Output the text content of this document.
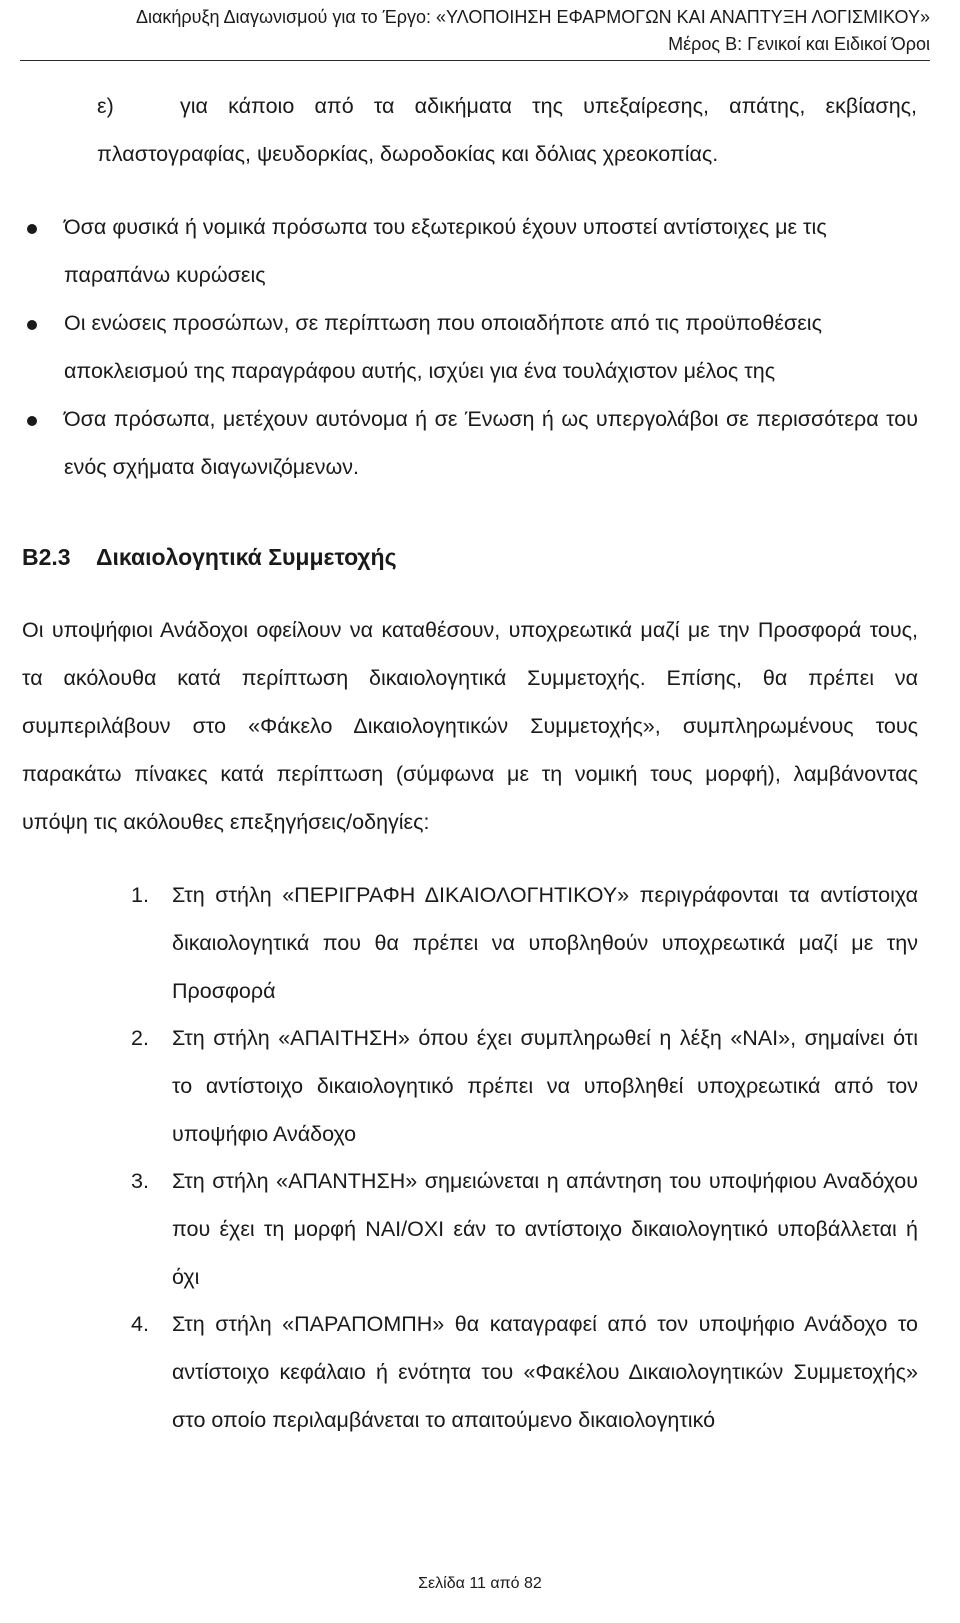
Διακήρυξη Διαγωνισμού για το Έργο: «ΥΛΟΠΟΙΗΣΗ ΕΦΑΡΜΟΓΩΝ ΚΑΙ ΑΝΑΠΤΥΞΗ ΛΟΓΙΣΜΙΚΟΥ»
Μέρος Β: Γενικοί και Ειδικοί Όροι
ε)	για κάποιο από τα αδικήματα της υπεξαίρεσης, απάτης, εκβίασης, πλαστογραφίας, ψευδορκίας, δωροδοκίας και δόλιας χρεοκοπίας.
Όσα φυσικά ή νομικά πρόσωπα του εξωτερικού έχουν υποστεί αντίστοιχες με τις παραπάνω κυρώσεις
Οι ενώσεις προσώπων, σε περίπτωση που οποιαδήποτε από τις προϋποθέσεις αποκλεισμού της παραγράφου αυτής, ισχύει για ένα τουλάχιστον μέλος της
Όσα πρόσωπα, μετέχουν αυτόνομα ή σε Ένωση ή ως υπεργολάβοι σε περισσότερα του ενός σχήματα διαγωνιζόμενων.
Β2.3 Δικαιολογητικά Συμμετοχής
Οι υποψήφιοι Ανάδοχοι οφείλουν να καταθέσουν, υποχρεωτικά μαζί με την Προσφορά τους, τα ακόλουθα κατά περίπτωση δικαιολογητικά Συμμετοχής. Επίσης, θα πρέπει να συμπεριλάβουν στο «Φάκελο Δικαιολογητικών Συμμετοχής», συμπληρωμένους τους παρακάτω πίνακες κατά περίπτωση (σύμφωνα με τη νομική τους μορφή), λαμβάνοντας υπόψη τις ακόλουθες επεξηγήσεις/οδηγίες:
1. Στη στήλη «ΠΕΡΙΓΡΑΦΗ ΔΙΚΑΙΟΛΟΓΗΤΙΚΟΥ» περιγράφονται τα αντίστοιχα δικαιολογητικά που θα πρέπει να υποβληθούν υποχρεωτικά μαζί με την Προσφορά
2. Στη στήλη «ΑΠΑΙΤΗΣΗ» όπου έχει συμπληρωθεί η λέξη «ΝΑΙ», σημαίνει ότι το αντίστοιχο δικαιολογητικό πρέπει να υποβληθεί υποχρεωτικά από τον υποψήφιο Ανάδοχο
3. Στη στήλη «ΑΠΑΝΤΗΣΗ» σημειώνεται η απάντηση του υποψήφιου Αναδόχου που έχει τη μορφή ΝΑΙ/ΟΧΙ εάν το αντίστοιχο δικαιολογητικό υποβάλλεται ή όχι
4. Στη στήλη «ΠΑΡΑΠΟΜΠΗ» θα καταγραφεί από τον υποψήφιο Ανάδοχο το αντίστοιχο κεφάλαιο ή ενότητα του «Φακέλου Δικαιολογητικών Συμμετοχής» στο οποίο περιλαμβάνεται το απαιτούμενο δικαιολογητικό
Σελίδα 11 από 82
